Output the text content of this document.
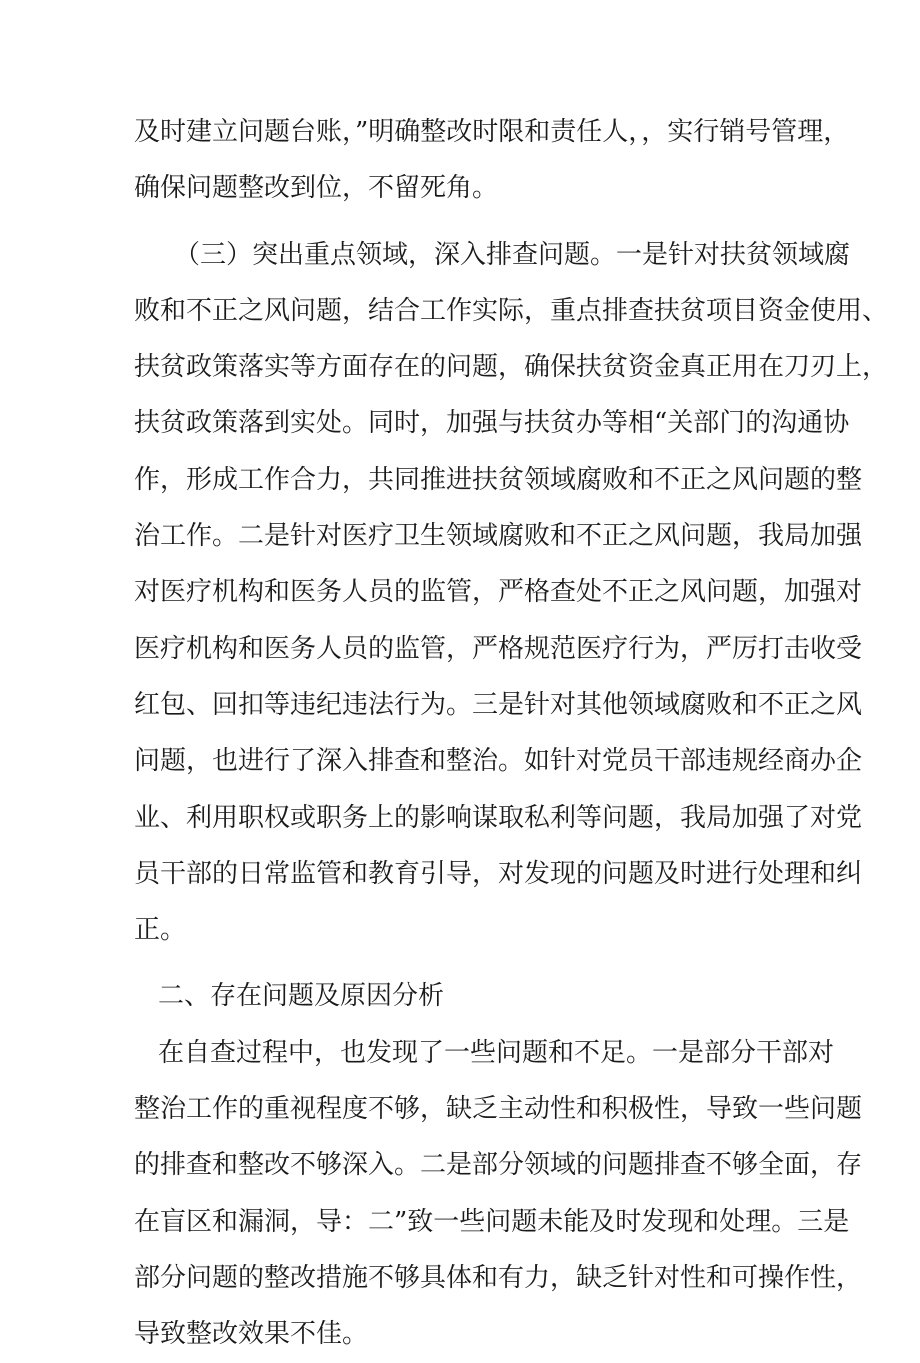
及时建立问题台账，”明确整改时限和责任人，，实行销号管理，
确保问题整改到位，不留死角。
（三）突出重点领域，深入排查问题。一是针对扶贫领域腐
败和不正之风问题，结合工作实际，重点排查扶贫项目资金使用、
扶贫政策落实等方面存在的问题，确保扶贫资金真正用在刀刃上，
扶贫政策落到实处。同时，加强与扶贫办等相“关部门的沟通协
作，形成工作合力，共同推进扶贫领域腐败和不正之风问题的整
治工作。二是针对医疗卫生领域腐败和不正之风问题，我局加强
对医疗机构和医务人员的监管，严格查处不正之风问题，加强对
医疗机构和医务人员的监管，严格规范医疗行为，严厉打击收受
红包、回扣等违纪违法行为。三是针对其他领域腐败和不正之风
问题，也进行了深入排查和整治。如针对党员干部违规经商办企
业、利用职权或职务上的影响谋取私利等问题，我局加强了对党
员干部的日常监管和教育引导，对发现的问题及时进行处理和纠
正。
二、存在问题及原因分析
在自查过程中，也发现了一些问题和不足。一是部分干部对
整治工作的重视程度不够，缺乏主动性和积极性，导致一些问题
的排查和整改不够深入。二是部分领域的问题排查不够全面，存
在盲区和漏洞，导：二”致一些问题未能及时发现和处理。三是
部分问题的整改措施不够具体和有力，缺乏针对性和可操作性，
导致整改效果不佳。
